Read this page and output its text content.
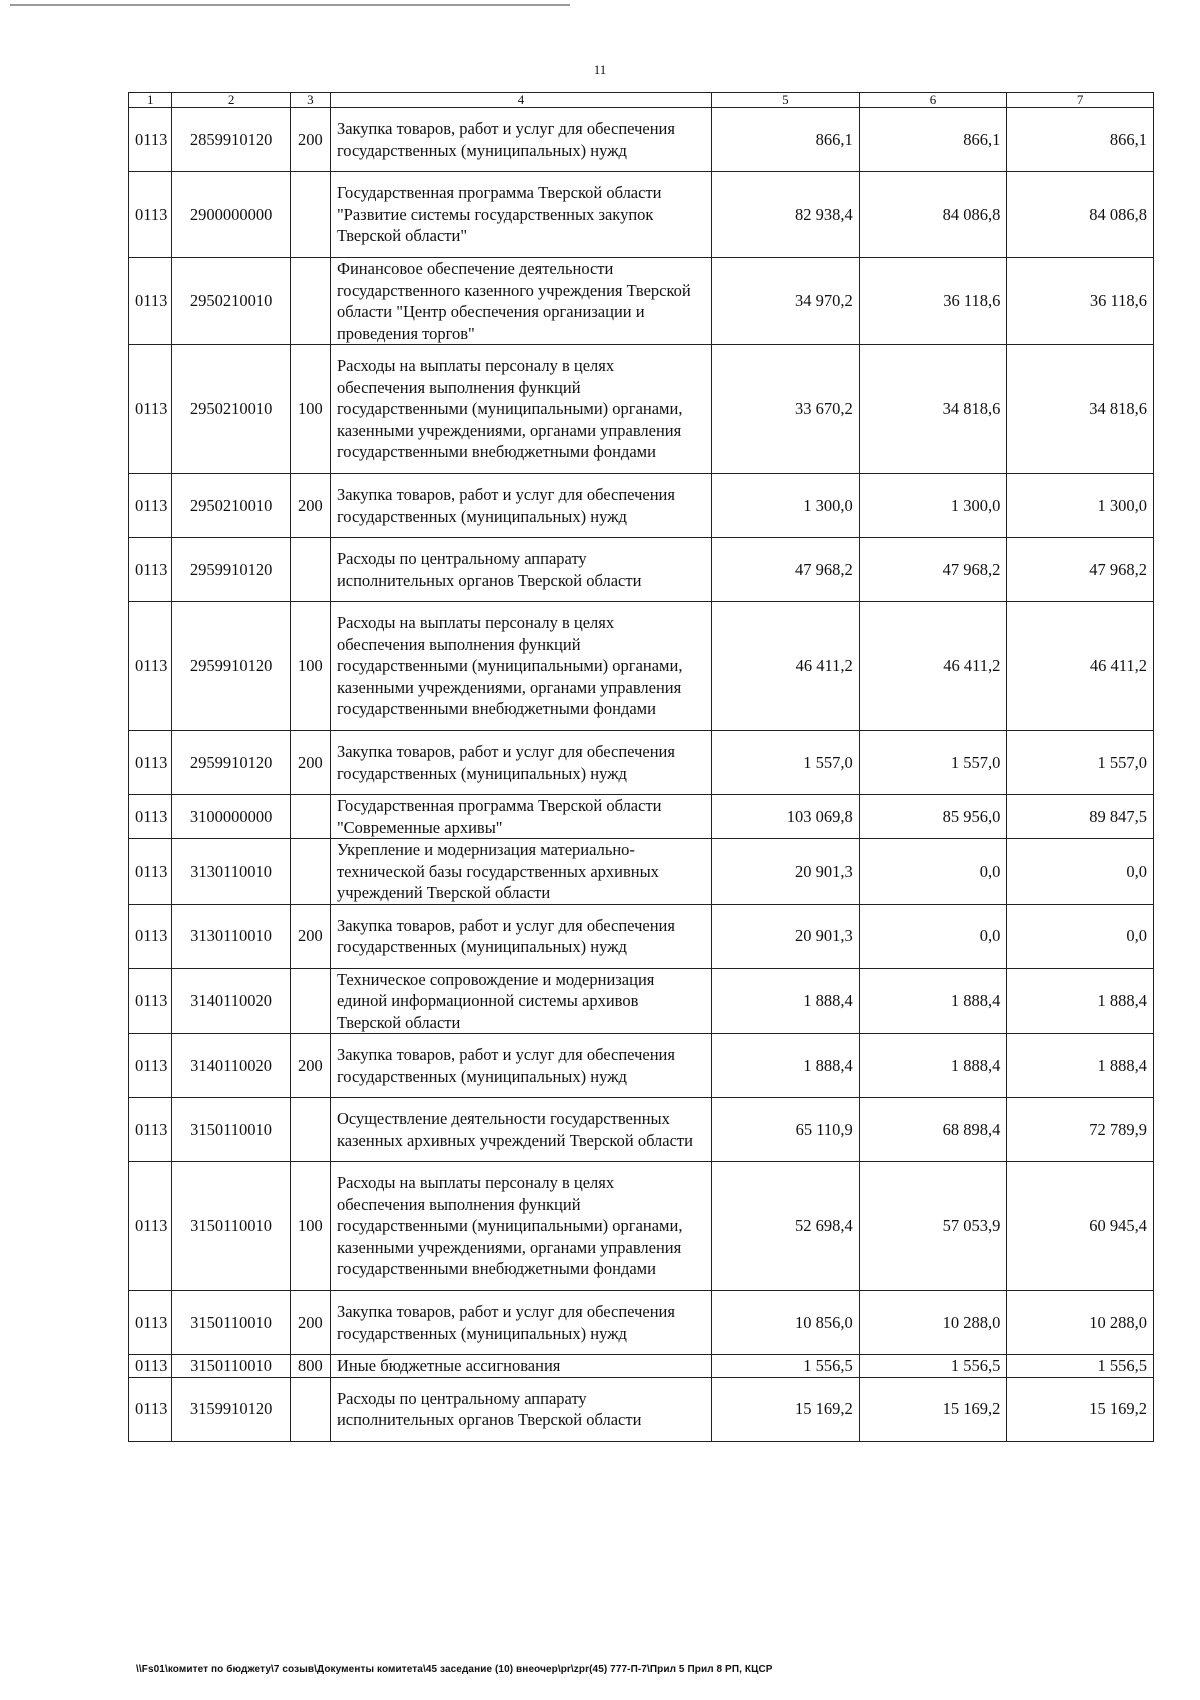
11
1	2	3	4	5	6	7
0113	2859910120	200	Закупка товаров, работ и услуг для обеспечения государственных (муниципальных) нужд	866,1	866,1	866,1
0113	2900000000		Государственная программа Тверской области "Развитие системы государственных закупок Тверской области"	82 938,4	84 086,8	84 086,8
0113	2950210010		Финансовое обеспечение деятельности государственного казенного учреждения Тверской области "Центр обеспечения организации и проведения торгов"	34 970,2	36 118,6	36 118,6
0113	2950210010	100	Расходы на выплаты персоналу в целях обеспечения выполнения функций государственными (муниципальными) органами, казенными учреждениями, органами управления государственными внебюджетными фондами	33 670,2	34 818,6	34 818,6
0113	2950210010	200	Закупка товаров, работ и услуг для обеспечения государственных (муниципальных) нужд	1 300,0	1 300,0	1 300,0
0113	2959910120		Расходы по центральному аппарату исполнительных органов Тверской области	47 968,2	47 968,2	47 968,2
0113	2959910120	100	Расходы на выплаты персоналу в целях обеспечения выполнения функций государственными (муниципальными) органами, казенными учреждениями, органами управления государственными внебюджетными фондами	46 411,2	46 411,2	46 411,2
0113	2959910120	200	Закупка товаров, работ и услуг для обеспечения государственных (муниципальных) нужд	1 557,0	1 557,0	1 557,0
0113	3100000000		Государственная программа Тверской области "Современные архивы"	103 069,8	85 956,0	89 847,5
0113	3130110010		Укрепление и модернизация материально-технической базы государственных архивных учреждений Тверской области	20 901,3	0,0	0,0
0113	3130110010	200	Закупка товаров, работ и услуг для обеспечения государственных (муниципальных) нужд	20 901,3	0,0	0,0
0113	3140110020		Техническое сопровождение и модернизация единой информационной системы архивов Тверской области	1 888,4	1 888,4	1 888,4
0113	3140110020	200	Закупка товаров, работ и услуг для обеспечения государственных (муниципальных) нужд	1 888,4	1 888,4	1 888,4
0113	3150110010		Осуществление деятельности государственных казенных архивных учреждений Тверской области	65 110,9	68 898,4	72 789,9
0113	3150110010	100	Расходы на выплаты персоналу в целях обеспечения выполнения функций государственными (муниципальными) органами, казенными учреждениями, органами управления государственными внебюджетными фондами	52 698,4	57 053,9	60 945,4
0113	3150110010	200	Закупка товаров, работ и услуг для обеспечения государственных (муниципальных) нужд	10 856,0	10 288,0	10 288,0
0113	3150110010	800	Иные бюджетные ассигнования	1 556,5	1 556,5	1 556,5
0113	3159910120		Расходы по центральному аппарату исполнительных органов Тверской области	15 169,2	15 169,2	15 169,2
\\Fs01\комитет по бюджету\7 созыв\Документы комитета\45 заседание (10) внеочер\pr\zpr(45) 777-П-7\Прил 5 Прил 8 РП, КЦСР
